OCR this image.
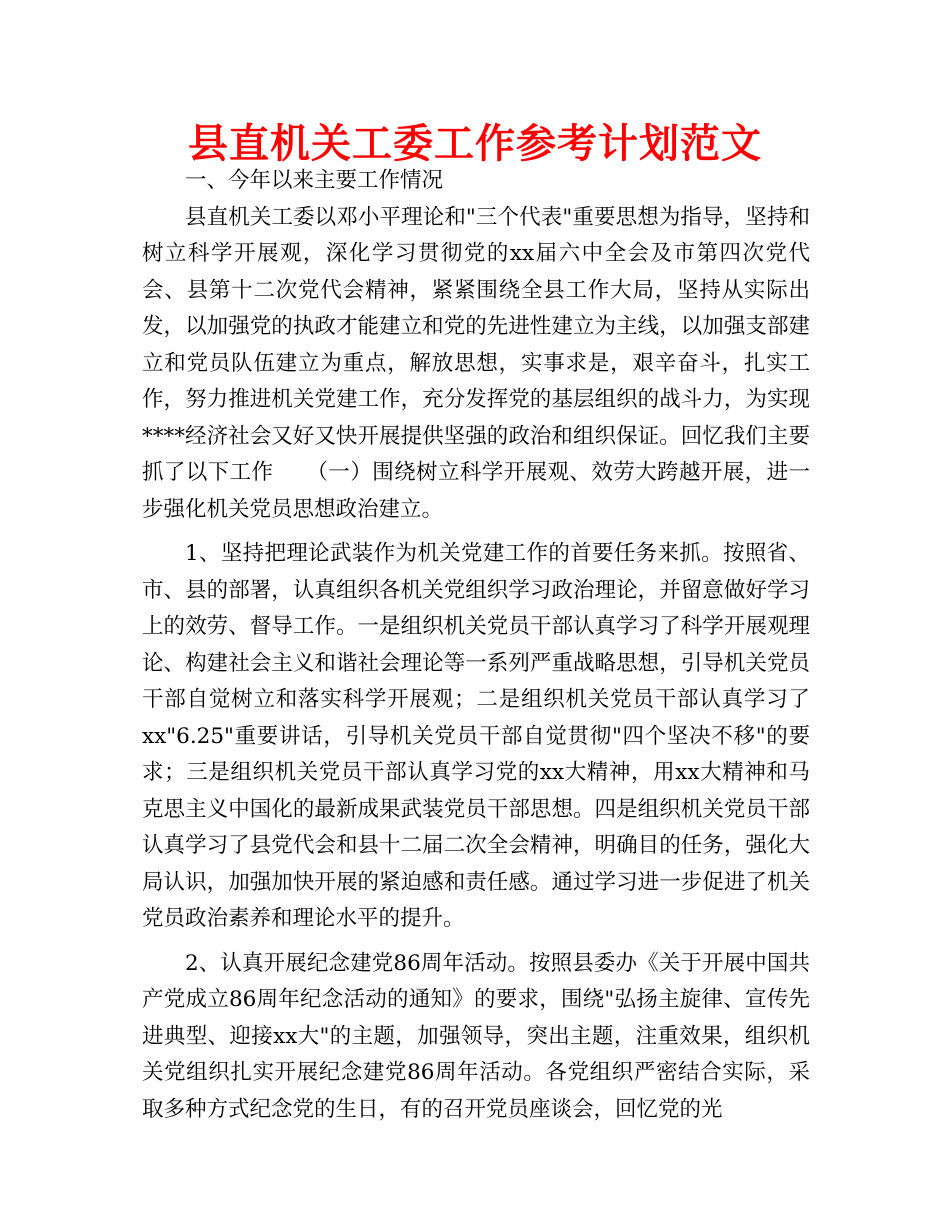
县直机关工委工作参考计划范文

一、今年以来主要工作情况

县直机关工委以邓小平理论和"三个代表"重要思想为指导，坚持和树立科学开展观，深化学习贯彻党的xx届六中全会及市第四次党代会、县第十二次党代会精神，紧紧围绕全县工作大局，坚持从实际出发，以加强党的执政才能建立和党的先进性建立为主线，以加强支部建立和党员队伍建立为重点，解放思想，实事求是，艰辛奋斗，扎实工作，努力推进机关党建工作，充分发挥党的基层组织的战斗力，为实现****经济社会又好又快开展提供坚强的政治和组织保证。回忆我们主要抓了以下工作　　（一）围绕树立科学开展观、效劳大跨越开展，进一步强化机关党员思想政治建立。

1、坚持把理论武装作为机关党建工作的首要任务来抓。按照省、市、县的部署，认真组织各机关党组织学习政治理论，并留意做好学习上的效劳、督导工作。一是组织机关党员干部认真学习了科学开展观理论、构建社会主义和谐社会理论等一系列严重战略思想，引导机关党员干部自觉树立和落实科学开展观；二是组织机关党员干部认真学习了xx"6.25"重要讲话，引导机关党员干部自觉贯彻"四个坚决不移"的要求；三是组织机关党员干部认真学习党的xx大精神，用xx大精神和马克思主义中国化的最新成果武装党员干部思想。四是组织机关党员干部认真学习了县党代会和县十二届二次全会精神，明确目的任务，强化大局认识，加强加快开展的紧迫感和责任感。通过学习进一步促进了机关党员政治素养和理论水平的提升。

2、认真开展纪念建党86周年活动。按照县委办《关于开展中国共产党成立86周年纪念活动的通知》的要求，围绕"弘扬主旋律、宣传先进典型、迎接xx大"的主题，加强领导，突出主题，注重效果，组织机关党组织扎实开展纪念建党86周年活动。各党组织严密结合实际，采取多种方式纪念党的生日，有的召开党员座谈会，回忆党的光
